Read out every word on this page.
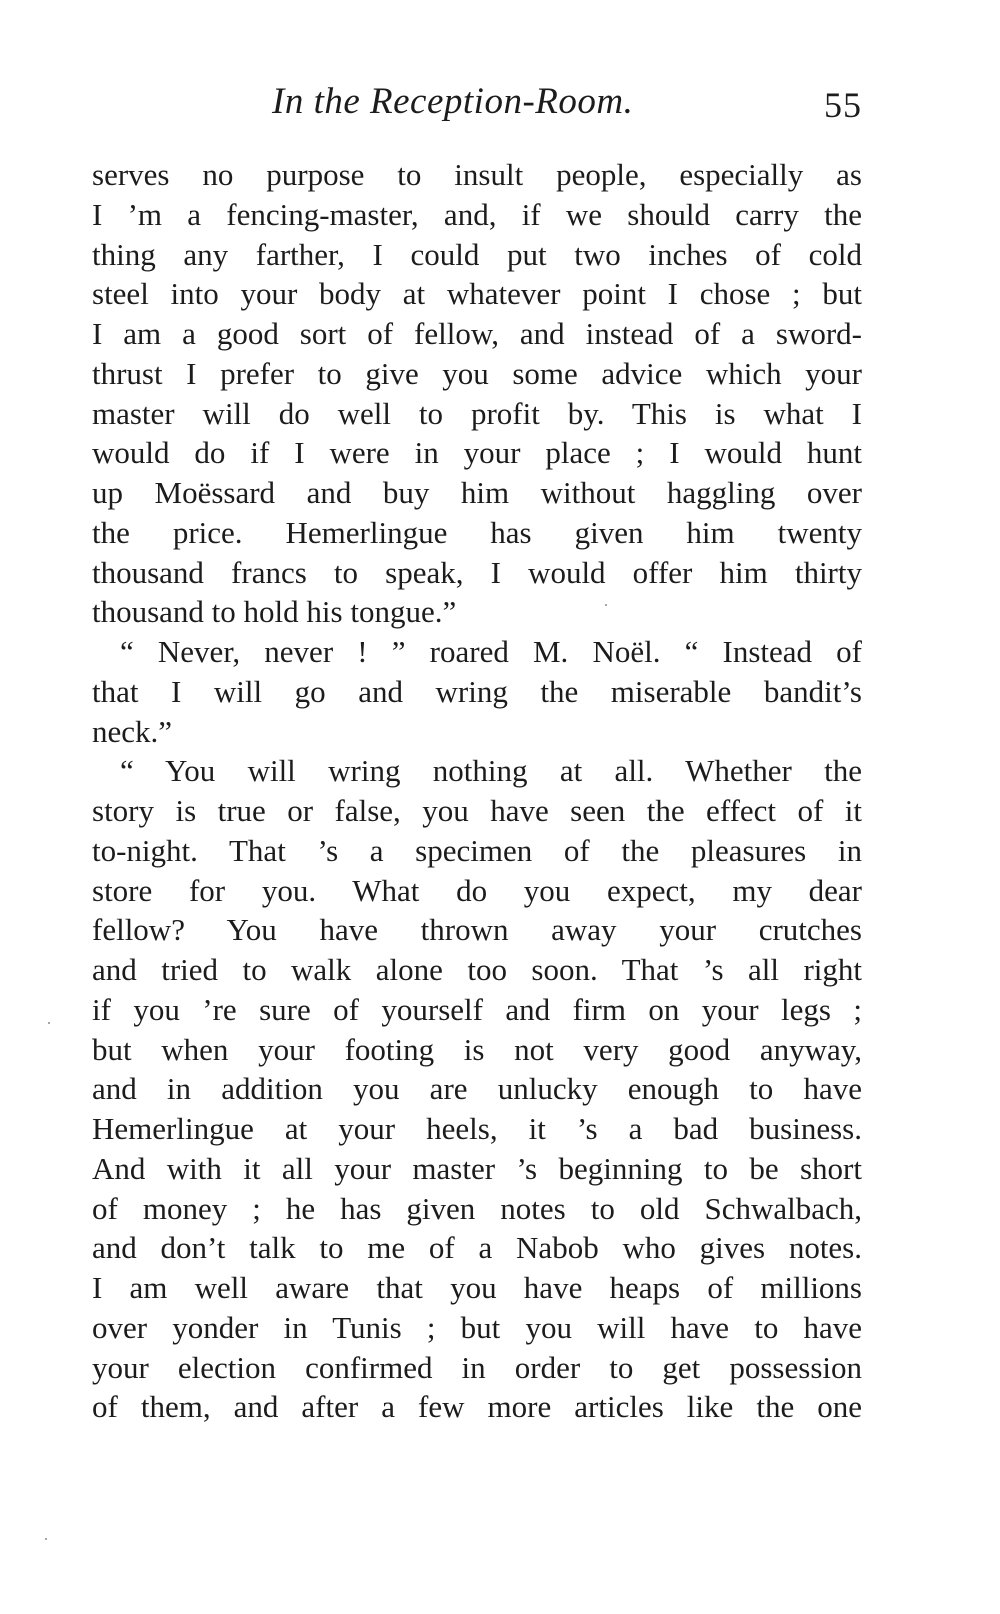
In the Reception-Room.	55
serves no purpose to insult people, especially as
I ’m a fencing-master, and, if we should carry the
thing any farther, I could put two inches of cold
steel into your body at whatever point I chose ; but
I am a good sort of fellow, and instead of a sword-
thrust I prefer to give you some advice which your
master will do well to profit by. This is what I
would do if I were in your place ; I would hunt
up Moëssard and buy him without haggling over
the price. Hemerlingue has given him twenty
thousand francs to speak, I would offer him thirty
thousand to hold his tongue.”
“ Never, never ! ” roared M. Noël. “ Instead of
that I will go and wring the miserable bandit’s
neck.”
“ You will wring nothing at all. Whether the
story is true or false, you have seen the effect of it
to-night. That ’s a specimen of the pleasures in
store for you. What do you expect, my dear
fellow? You have thrown away your crutches
and tried to walk alone too soon. That ’s all right
if you ’re sure of yourself and firm on your legs ;
but when your footing is not very good anyway,
and in addition you are unlucky enough to have
Hemerlingue at your heels, it ’s a bad business.
And with it all your master ’s beginning to be short
of money ; he has given notes to old Schwalbach,
and don’t talk to me of a Nabob who gives notes.
I am well aware that you have heaps of millions
over yonder in Tunis ; but you will have to have
your election confirmed in order to get possession
of them, and after a few more articles like the one
